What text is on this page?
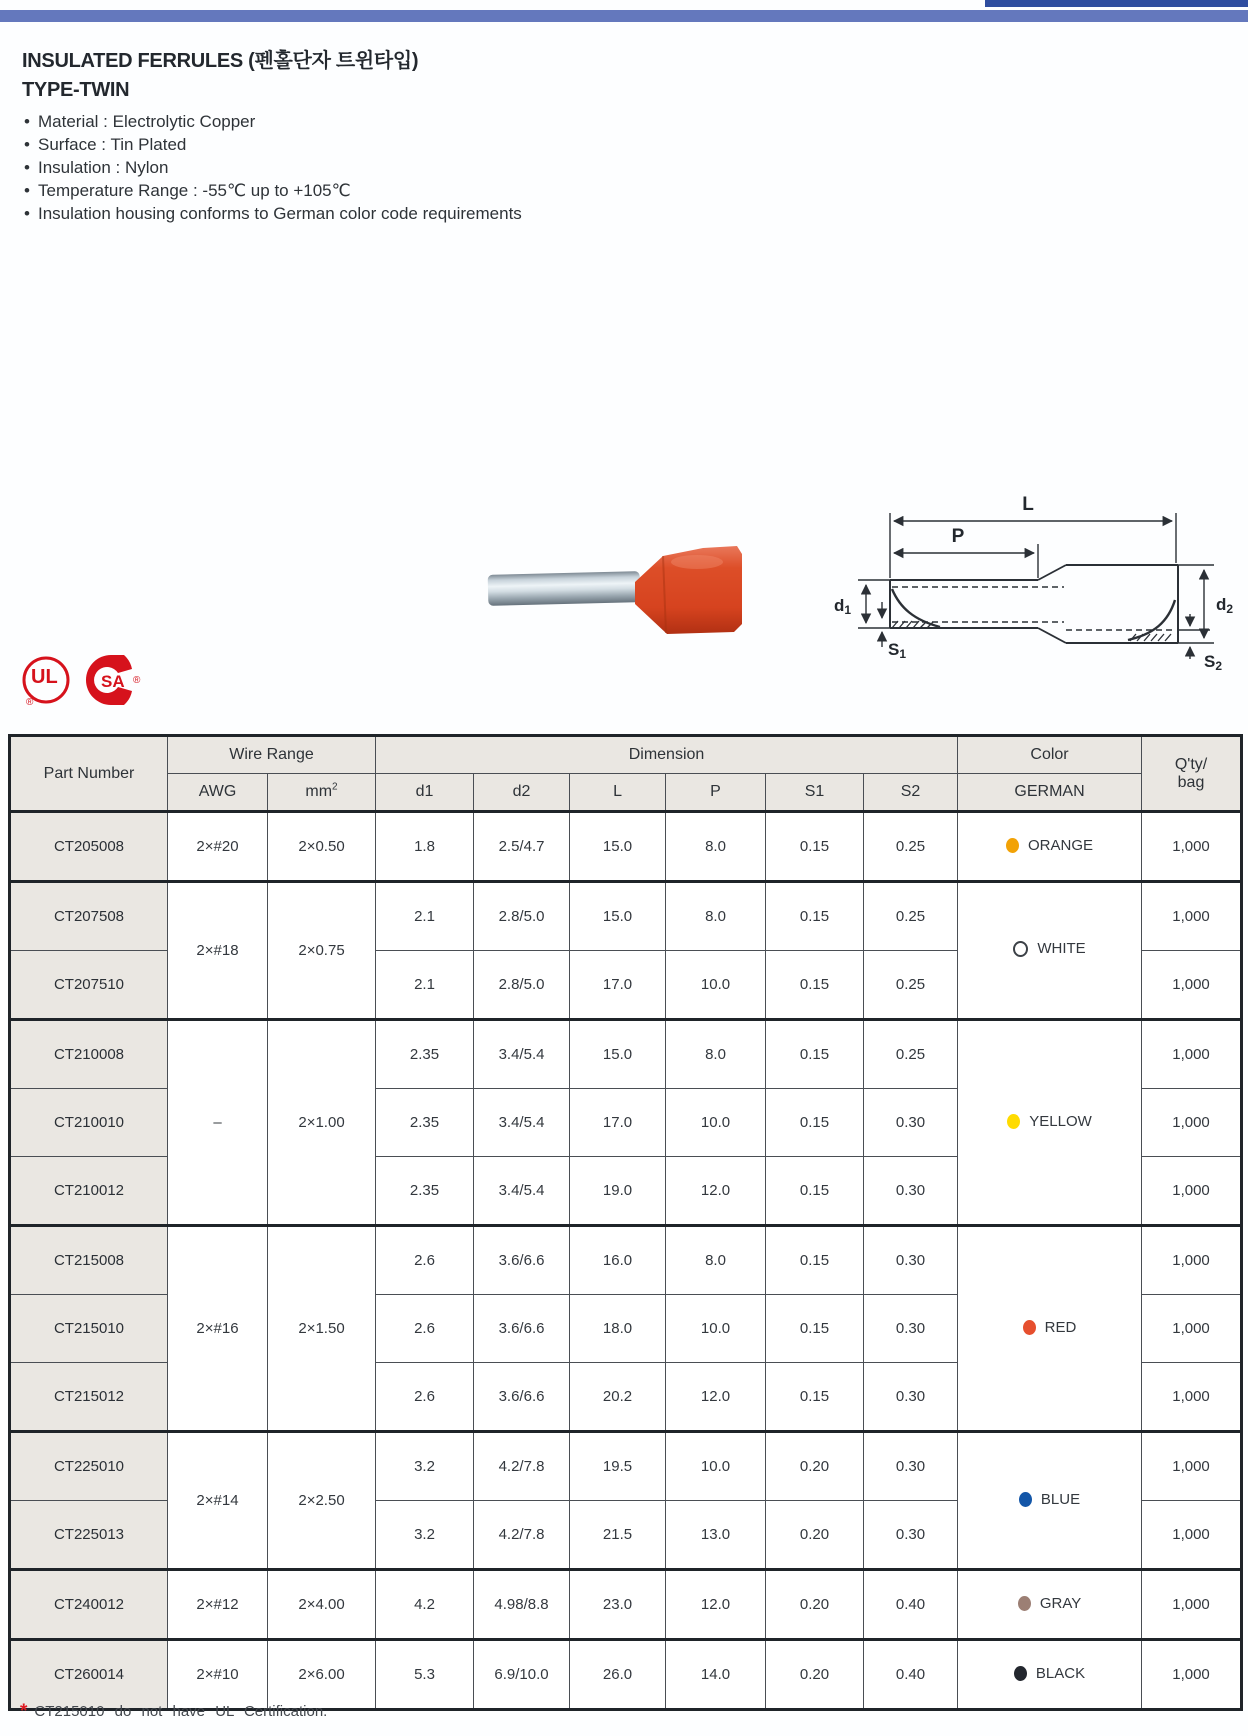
INSULATED FERRULES (펜홀단자 트윈타입)
TYPE-TWIN
• Material : Electrolytic Copper
• Surface : Tin Plated
• Insulation : Nylon
• Temperature Range : -55℃ up to +105℃
• Insulation housing conforms to German color code requirements
L
P
d1	d2
S1	S2
UL
®
SA ®
Part Number	Wire Range		Dimension						Color	Q'ty/
bag
	AWG	$mm^2$	d1	d2	L	P	S1	S2	GERMAN	
CT205008	2×#20	2×0.50	1.8	2.5/4.7	15.0	8.0	0.15	0.25	ORANGE	1,000
CT207508	2×#18	2×0.75	2.1	2.8/5.0	15.0	8.0	0.15	0.25	WHITE	1,000
CT207510			2.1	2.8/5.0	17.0	10.0	0.15	0.25		1,000
CT210008	–	2×1.00	2.35	3.4/5.4	15.0	8.0	0.15	0.25	YELLOW	1,000
CT210010			2.35	3.4/5.4	17.0	10.0	0.15	0.30		1,000
CT210012			2.35	3.4/5.4	19.0	12.0	0.15	0.30		1,000
CT215008	2×#16	2×1.50	2.6	3.6/6.6	16.0	8.0	0.15	0.30	RED	1,000
CT215010			2.6	3.6/6.6	18.0	10.0	0.15	0.30		1,000
CT215012			2.6	3.6/6.6	20.2	12.0	0.15	0.30		1,000
CT225010	2×#14	2×2.50	3.2	4.2/7.8	19.5	10.0	0.20	0.30	BLUE	1,000
CT225013			3.2	4.2/7.8	21.5	13.0	0.20	0.30		1,000
CT240012	2×#12	2×4.00	4.2	4.98/8.8	23.0	12.0	0.20	0.40	GRAY	1,000
CT260014	2×#10	2×6.00	5.3	6.9/10.0	26.0	14.0	0.20	0.40	BLACK	1,000
* CT215010 do not have UL Certification.
